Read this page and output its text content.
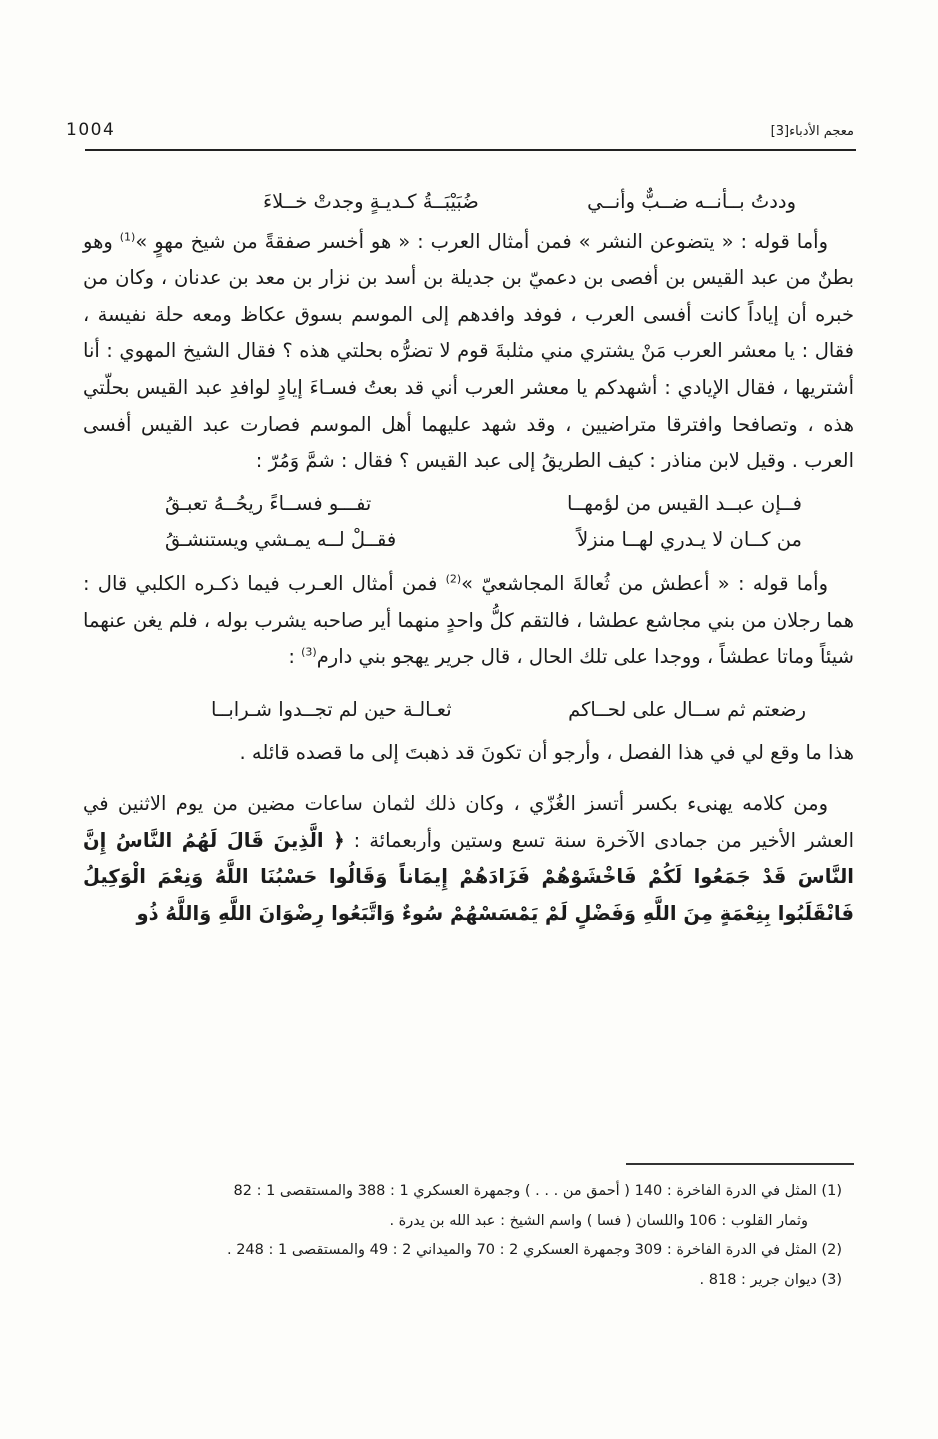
1004	معجم الأدباء[3]
وددتُ بــأنــه ضــبٌّ وأنــي
ضُبَيْبَــةُ كـديـةٍ وجدتْ خــلاءَ

وأما قوله : « يتضوعن النشر » فمن أمثال العرب : « هو أخسر صفقةً من شيخ مهوٍ »$^{(1)}$ وهو بطنٌ من عبد القيس بن أفصى بن دعميّ بن جديلة بن أسد بن نزار بن معد بن عدنان ، وكان من خبره أن إياداً كانت أفسى العرب ، فوفد وافدهم إلى الموسم بسوق عكاظ ومعه حلة نفيسة ، فقال : يا معشر العرب مَنْ يشتري مني مثلبةَ قوم لا تضرُّه بحلتي هذه ؟ فقال الشيخ المهوي : أنا أشتريها ، فقال الإيادي : أشهدكم يا معشر العرب أني قد بعتُ فسـاءَ إيادٍ لوافدِ عبد القيس بحلّتي هذه ، وتصافحا وافترقا متراضيين ، وقد شهد عليهما أهل الموسم فصارت عبد القيس أفسى العرب . وقيل لابن مناذر : كيف الطريقُ إلى عبد القيس ؟ فقال : شمَّ وَمُرّ :

فــإن عبــد القيس من لؤمهــا
تفـــو فســاءً ريحُــهُ تعبـقُ
من كــان لا يـدري لهــا منزلاً
فقــلْ لــه يمـشي ويستنشـقُ

وأما قوله : « أعطش من ثُعالةَ المجاشعيّ »$^{(2)}$ فمن أمثال العـرب فيما ذكـره الكلبي قال : هما رجلان من بني مجاشع عطشا ، فالتقم كلُّ واحدٍ منهما أير صاحبه يشرب بوله ، فلم يغن عنهما شيئاً وماتا عطشاً ، ووجدا على تلك الحال ، قال جرير يهجو بني دارم$^{(3)}$ :

رضعتم ثم ســال على لحــاكم
ثعـالـة حين لم تجــدوا شـرابــا

هذا ما وقع لي في هذا الفصل ، وأرجو أن تكونَ قد ذهبتَ إلى ما قصده قائله .

ومن كلامه يهنىء بكسر أتسز الغُزّي ، وكان ذلك لثمان ساعات مضين من يوم الاثنين في العشر الأخير من جمادى الآخرة سنة تسع وستين وأربعمائة : ﴿ الَّذِينَ قَالَ لَهُمُ النَّاسُ إِنَّ النَّاسَ قَدْ جَمَعُوا لَكُمْ فَاخْشَوْهُمْ فَزَادَهُمْ إِيمَاناً وَقَالُوا حَسْبُنَا اللَّهُ وَنِعْمَ الْوَكِيلُ فَانْقَلَبُوا بِنِعْمَةٍ مِنَ اللَّهِ وَفَضْلٍ لَمْ يَمْسَسْهُمْ سُوءٌ وَاتَّبَعُوا رِضْوَانَ اللَّهِ وَاللَّهُ ذُو

(1) المثل في الدرة الفاخرة : 140 ( أحمق من . . . ) وجمهرة العسكري 1 : 388 والمستقصى 1 : 82

وثمار القلوب : 106 واللسان ( فسا ) واسم الشيخ : عبد الله بن يدرة .

(2) المثل في الدرة الفاخرة : 309 وجمهرة العسكري 2 : 70 والميداني 2 : 49 والمستقصى 1 : 248 .

(3) ديوان جرير : 818 .
